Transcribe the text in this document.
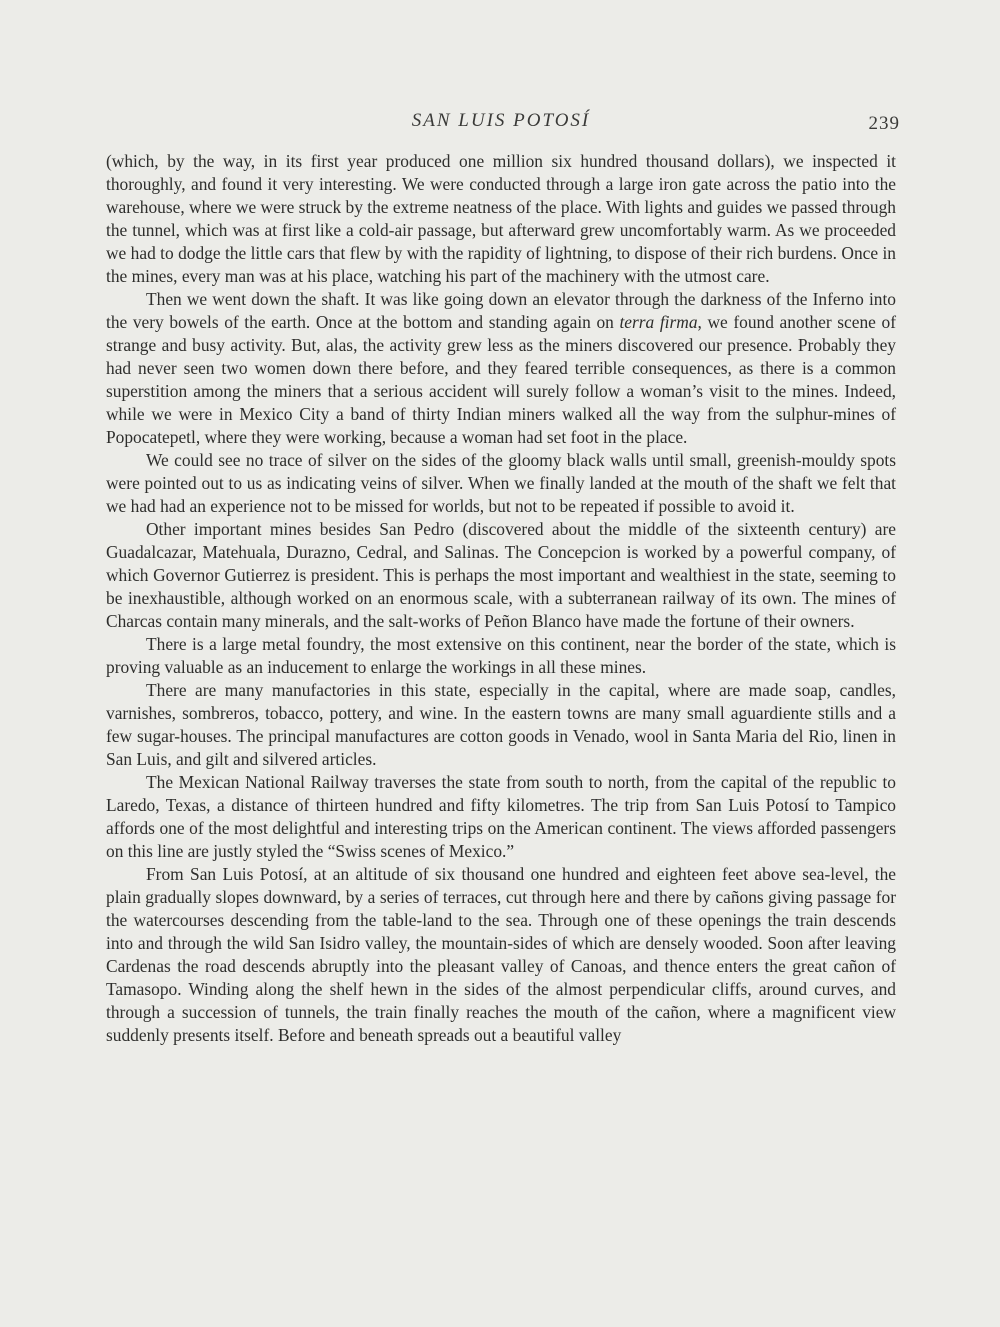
SAN LUIS POTOSÍ	239

(which, by the way, in its first year produced one million six hundred thousand dollars), we inspected it thoroughly, and found it very interesting. We were conducted through a large iron gate across the patio into the warehouse, where we were struck by the extreme neatness of the place. With lights and guides we passed through the tunnel, which was at first like a cold-air passage, but afterward grew uncomfortably warm. As we proceeded we had to dodge the little cars that flew by with the rapidity of lightning, to dispose of their rich burdens. Once in the mines, every man was at his place, watching his part of the machinery with the utmost care.

Then we went down the shaft. It was like going down an elevator through the darkness of the Inferno into the very bowels of the earth. Once at the bottom and standing again on terra firma, we found another scene of strange and busy activity. But, alas, the activity grew less as the miners discovered our presence. Probably they had never seen two women down there before, and they feared terrible consequences, as there is a common superstition among the miners that a serious accident will surely follow a woman’s visit to the mines. Indeed, while we were in Mexico City a band of thirty Indian miners walked all the way from the sulphur-mines of Popocatepetl, where they were working, because a woman had set foot in the place.

We could see no trace of silver on the sides of the gloomy black walls until small, greenish-mouldy spots were pointed out to us as indicating veins of silver. When we finally landed at the mouth of the shaft we felt that we had had an experience not to be missed for worlds, but not to be repeated if possible to avoid it.

Other important mines besides San Pedro (discovered about the middle of the sixteenth century) are Guadalcazar, Matehuala, Durazno, Cedral, and Salinas. The Concepcion is worked by a powerful company, of which Governor Gutierrez is president. This is perhaps the most important and wealthiest in the state, seeming to be inexhaustible, although worked on an enormous scale, with a subterranean railway of its own. The mines of Charcas contain many minerals, and the salt-works of Peñon Blanco have made the fortune of their owners.

There is a large metal foundry, the most extensive on this continent, near the border of the state, which is proving valuable as an inducement to enlarge the workings in all these mines.

There are many manufactories in this state, especially in the capital, where are made soap, candles, varnishes, sombreros, tobacco, pottery, and wine. In the eastern towns are many small aguardiente stills and a few sugar-houses. The principal manufactures are cotton goods in Venado, wool in Santa Maria del Rio, linen in San Luis, and gilt and silvered articles.

The Mexican National Railway traverses the state from south to north, from the capital of the republic to Laredo, Texas, a distance of thirteen hundred and fifty kilometres. The trip from San Luis Potosí to Tampico affords one of the most delightful and interesting trips on the American continent. The views afforded passengers on this line are justly styled the “Swiss scenes of Mexico.”

From San Luis Potosí, at an altitude of six thousand one hundred and eighteen feet above sea-level, the plain gradually slopes downward, by a series of terraces, cut through here and there by cañons giving passage for the watercourses descending from the table-land to the sea. Through one of these openings the train descends into and through the wild San Isidro valley, the mountain-sides of which are densely wooded. Soon after leaving Cardenas the road descends abruptly into the pleasant valley of Canoas, and thence enters the great cañon of Tamasopo. Winding along the shelf hewn in the sides of the almost perpendicular cliffs, around curves, and through a succession of tunnels, the train finally reaches the mouth of the cañon, where a magnificent view suddenly presents itself. Before and beneath spreads out a beautiful valley
